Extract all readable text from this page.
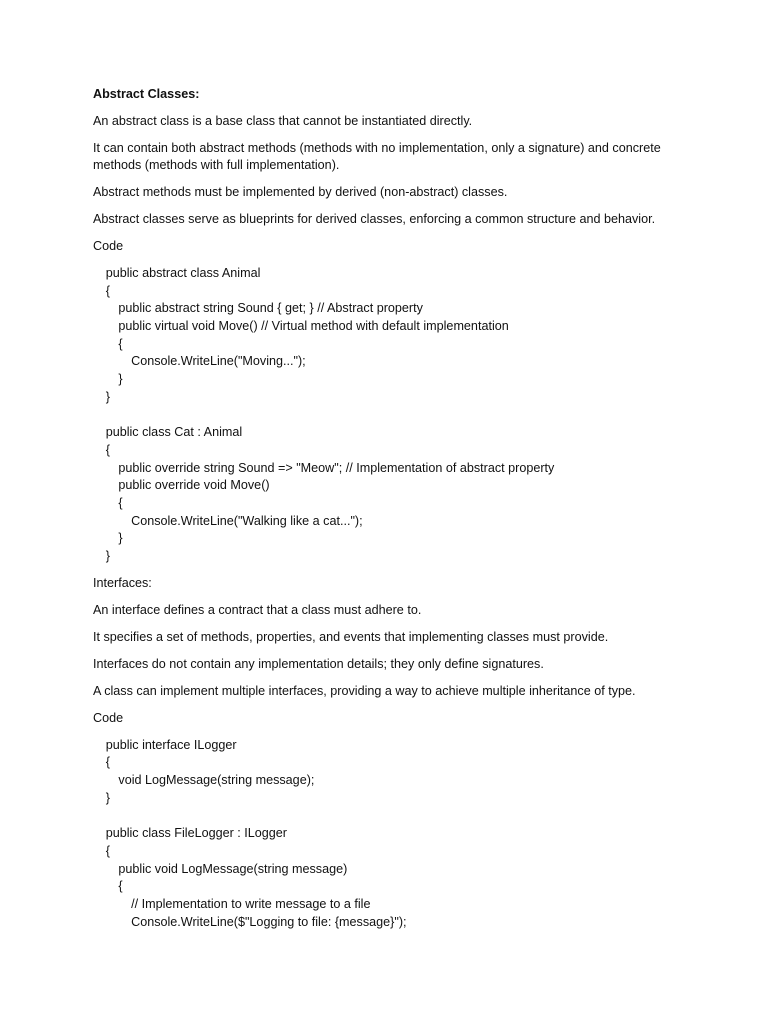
Abstract Classes:
An abstract class is a base class that cannot be instantiated directly.
It can contain both abstract methods (methods with no implementation, only a signature) and concrete methods (methods with full implementation).
Abstract methods must be implemented by derived (non-abstract) classes.
Abstract classes serve as blueprints for derived classes, enforcing a common structure and behavior.
Code
public abstract class Animal
{
public abstract string Sound { get; } // Abstract property
public virtual void Move() // Virtual method with default implementation
{
Console.WriteLine("Moving...");
}
}
public class Cat : Animal
{
public override string Sound => "Meow"; // Implementation of abstract property
public override void Move()
{
Console.WriteLine("Walking like a cat...");
}
}
Interfaces:
An interface defines a contract that a class must adhere to.
It specifies a set of methods, properties, and events that implementing classes must provide.
Interfaces do not contain any implementation details; they only define signatures.
A class can implement multiple interfaces, providing a way to achieve multiple inheritance of type.
Code
public interface ILogger
{
void LogMessage(string message);
}
public class FileLogger : ILogger
{
public void LogMessage(string message)
{
// Implementation to write message to a file
Console.WriteLine($"Logging to file: {message}");
